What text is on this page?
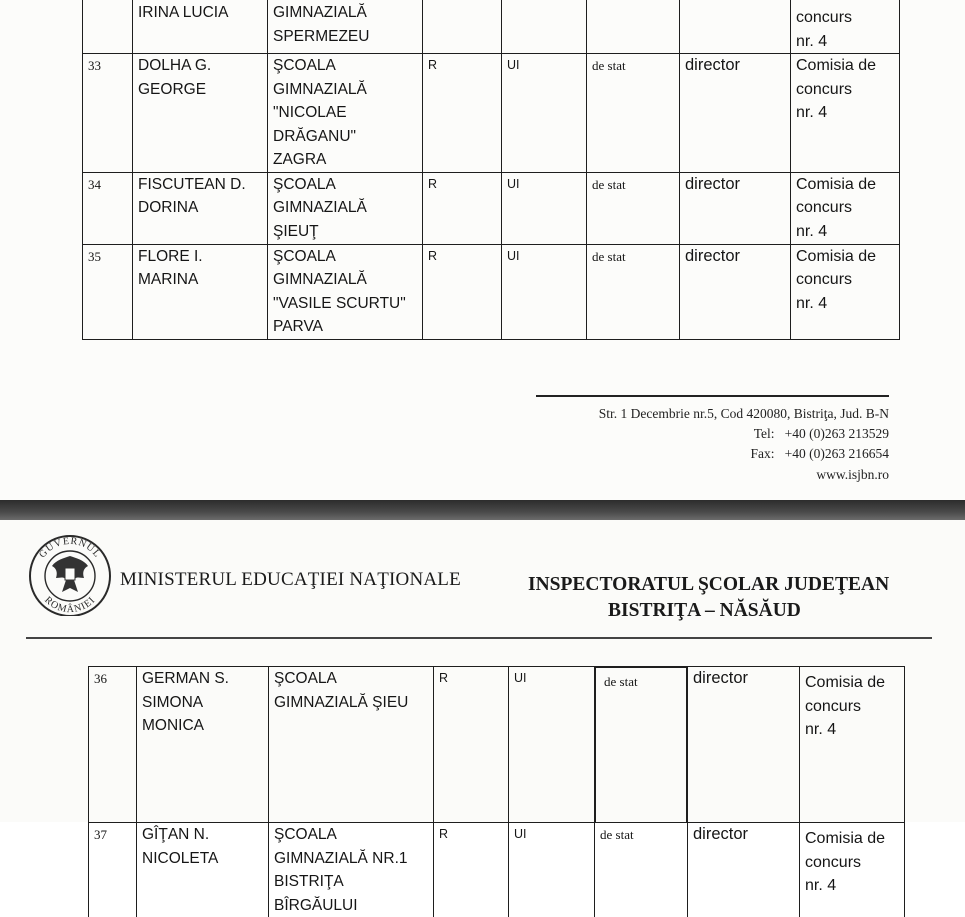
	IRINA LUCIA	GIMNAZIALĂ
SPERMEZEU					concurs
nr. 4

33	DOLHA G.
GEORGE	ŞCOALA
GIMNAZIALĂ
"NICOLAE
DRĂGANU"
ZAGRA	R	UI	de stat	director	Comisia de
concurs
nr. 4

34	FISCUTEAN D.
DORINA	ŞCOALA
GIMNAZIALĂ
ŞIEUŢ	R	UI	de stat	director	Comisia de
concurs
nr. 4

35	FLORE I.
MARINA	ŞCOALA
GIMNAZIALĂ
"VASILE SCURTU"
PARVA	R	UI	de stat	director	Comisia de
concurs
nr. 4
Str. 1 Decembrie nr.5, Cod 420080, Bistriţa, Jud. B-N
Tel: +40 (0)263 213529
Fax: +40 (0)263 216654
www.isjbn.ro
GUVERNUL
ROMÂNIEI
MINISTERUL EDUCAŢIEI NAŢIONALE	INSPECTORATUL ŞCOLAR JUDEŢEAN
BISTRIŢA – NĂSĂUD
36	GERMAN S.
SIMONA
MONICA	ŞCOALA
GIMNAZIALĂ ŞIEU	R	UI	de stat	director	Comisia de
concurs
nr. 4

37	GÎŢAN N.
NICOLETA	ŞCOALA
GIMNAZIALĂ NR.1
BISTRIŢA
BÎRGĂULUI	R	UI	de stat	director	Comisia de
concurs
nr. 4
